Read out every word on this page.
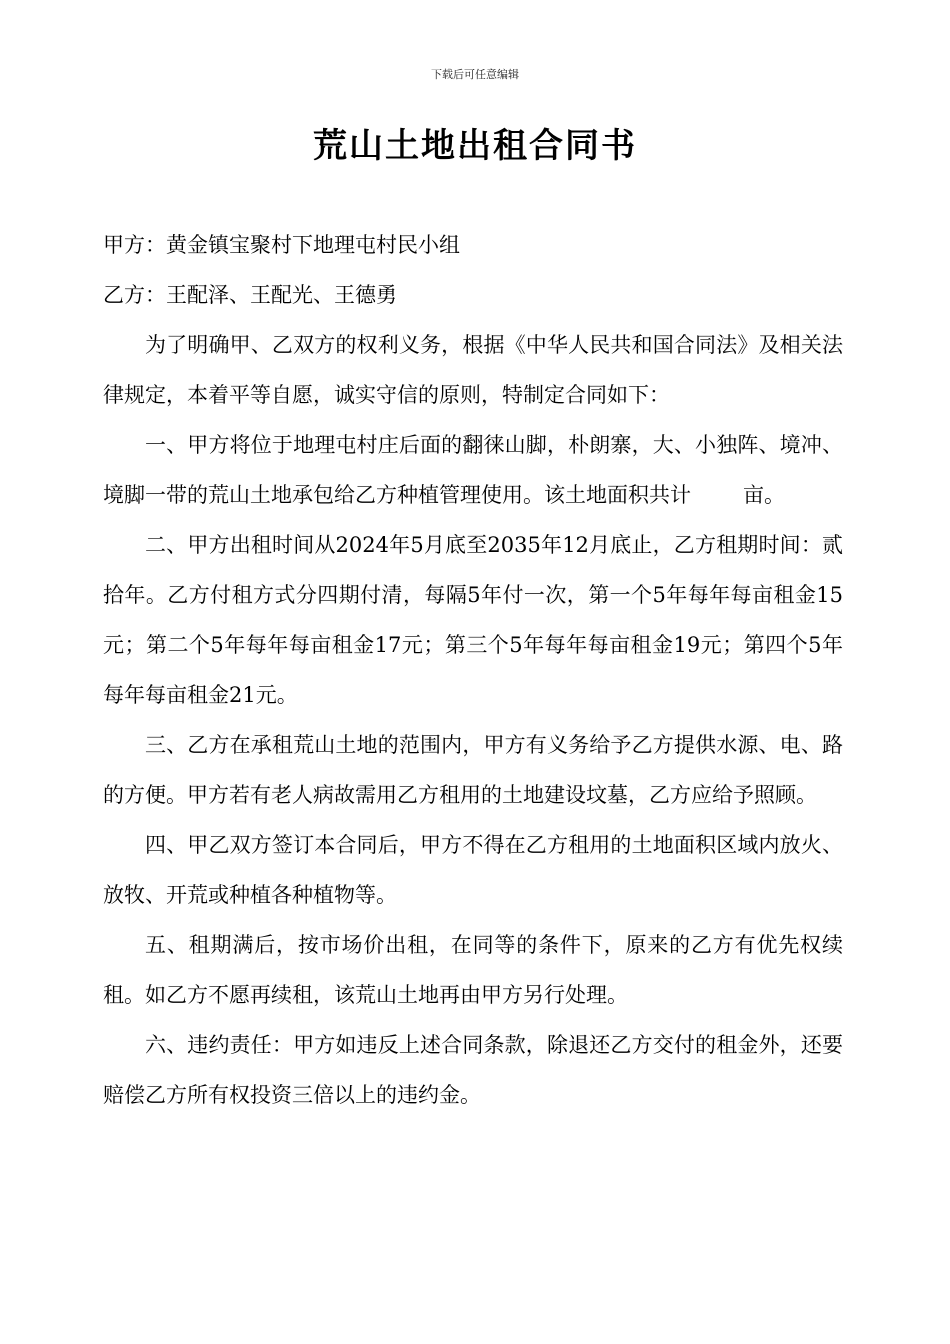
下载后可任意编辑
荒山土地出租合同书

甲方：黄金镇宝聚村下地理屯村民小组

乙方：王配泽、王配光、王德勇

为了明确甲、乙双方的权利义务，根据《中华人民共和国合同法》及相关法律规定，本着平等自愿，诚实守信的原则，特制定合同如下：

一、甲方将位于地理屯村庄后面的翻徕山脚，朴朗寨，大、小独阵、境冲、境脚一带的荒山土地承包给乙方种植管理使用。该土地面积共计 亩。

二、甲方出租时间从2024年5月底至2035年12月底止，乙方租期时间：贰拾年。乙方付租方式分四期付清，每隔5年付一次，第一个5年每年每亩租金15元；第二个5年每年每亩租金17元；第三个5年每年每亩租金19元；第四个5年每年每亩租金21元。

三、乙方在承租荒山土地的范围内，甲方有义务给予乙方提供水源、电、路的方便。甲方若有老人病故需用乙方租用的土地建设坟墓，乙方应给予照顾。

四、甲乙双方签订本合同后，甲方不得在乙方租用的土地面积区域内放火、放牧、开荒或种植各种植物等。

五、租期满后，按市场价出租，在同等的条件下，原来的乙方有优先权续租。如乙方不愿再续租，该荒山土地再由甲方另行处理。

六、违约责任：甲方如违反上述合同条款，除退还乙方交付的租金外，还要赔偿乙方所有权投资三倍以上的违约金。
